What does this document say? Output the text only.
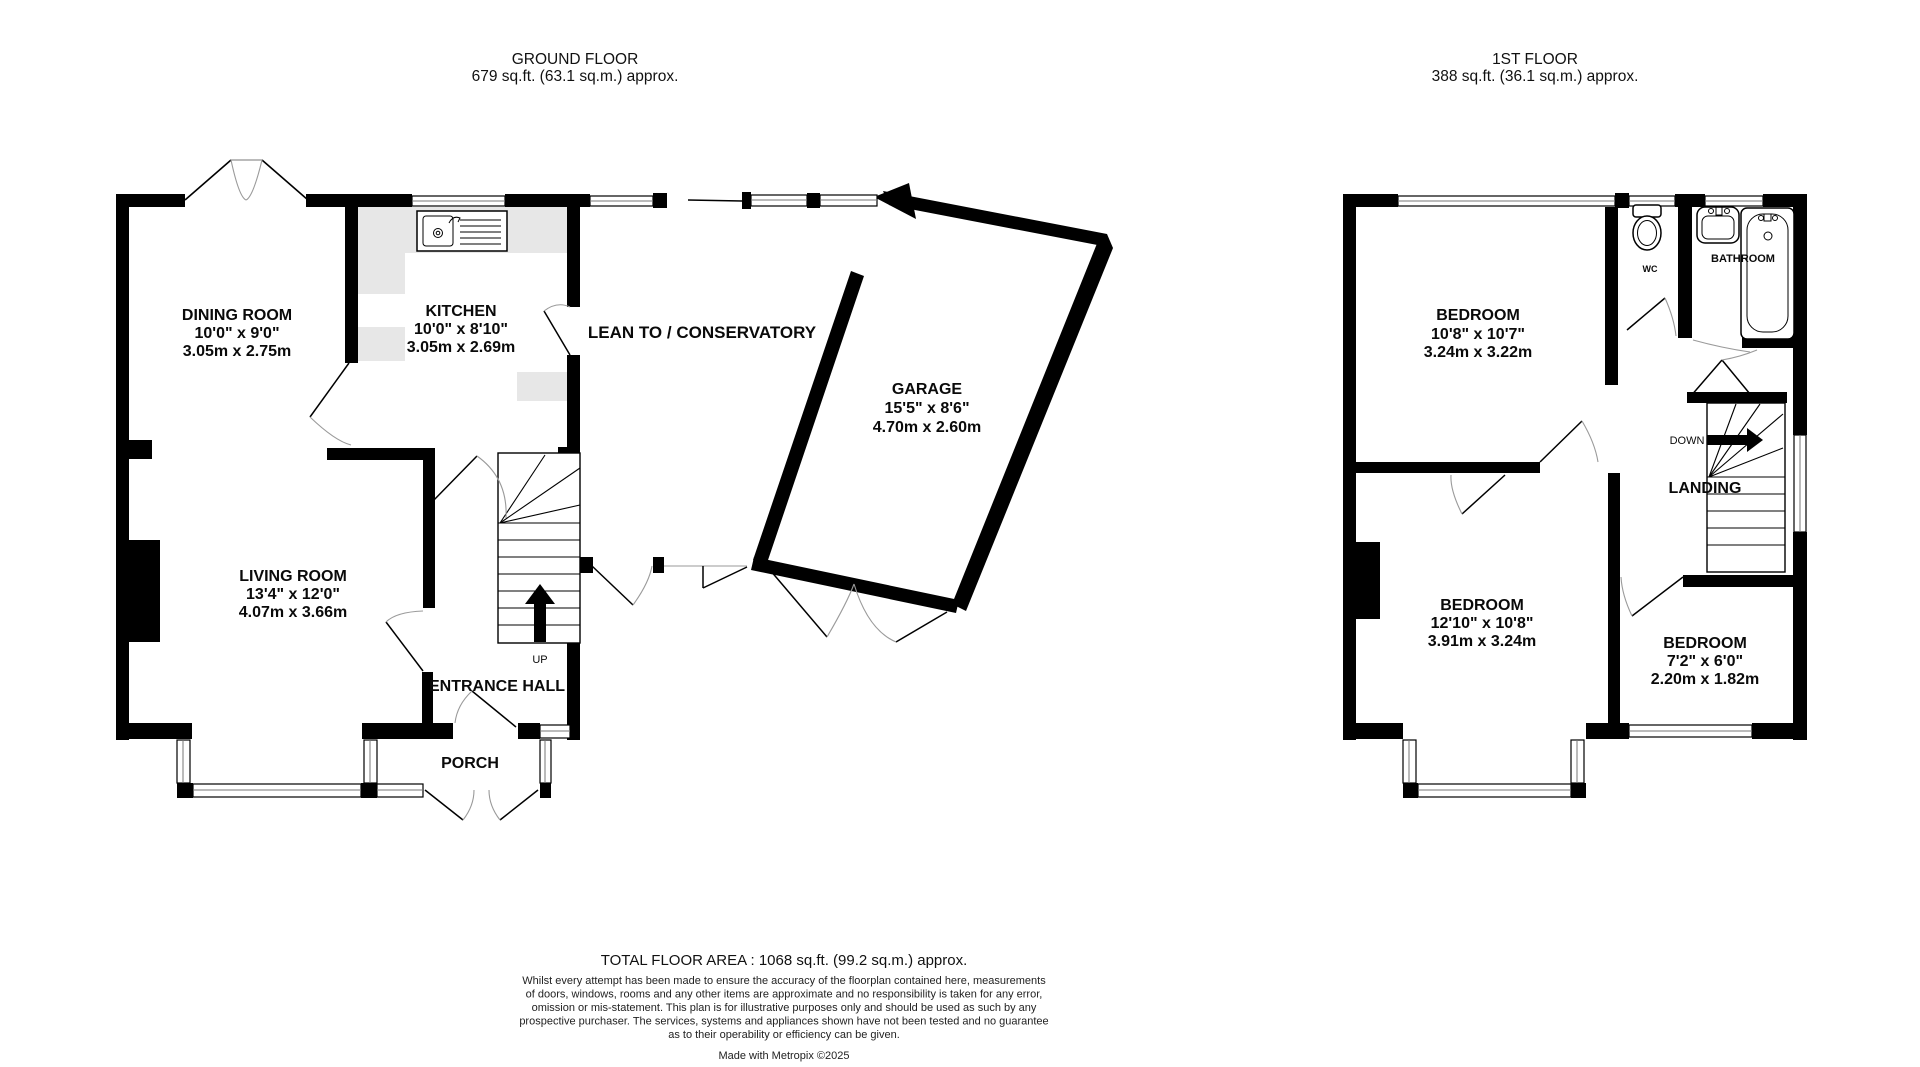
GROUND FLOOR
679 sq.ft. (63.1 sq.m.) approx.
1ST FLOOR
388 sq.ft. (36.1 sq.m.) approx.
DINING ROOM
10'0" x 9'0"
3.05m x 2.75m
KITCHEN
10'0" x 8'10"
3.05m x 2.69m
LEAN TO / CONSERVATORY
GARAGE
15'5" x 8'6"
4.70m x 2.60m
LIVING ROOM
13'4" x 12'0"
4.07m x 3.66m
ENTRANCE HALL
PORCH
UP
BEDROOM
10'8" x 10'7"
3.24m x 3.22m
BEDROOM
12'10" x 10'8"
3.91m x 3.24m	BEDROOM
7'2" x 6'0"
2.20m x 1.82m
WC
BATHROOM
LANDING
DOWN
TOTAL FLOOR AREA : 1068 sq.ft. (99.2 sq.m.) approx.
Whilst every attempt has been made to ensure the accuracy of the floorplan contained here, measurements
of doors, windows, rooms and any other items are approximate and no responsibility is taken for any error,
omission or mis-statement. This plan is for illustrative purposes only and should be used as such by any
prospective purchaser. The services, systems and appliances shown have not been tested and no guarantee
as to their operability or efficiency can be given.
Made with Metropix ©2025
